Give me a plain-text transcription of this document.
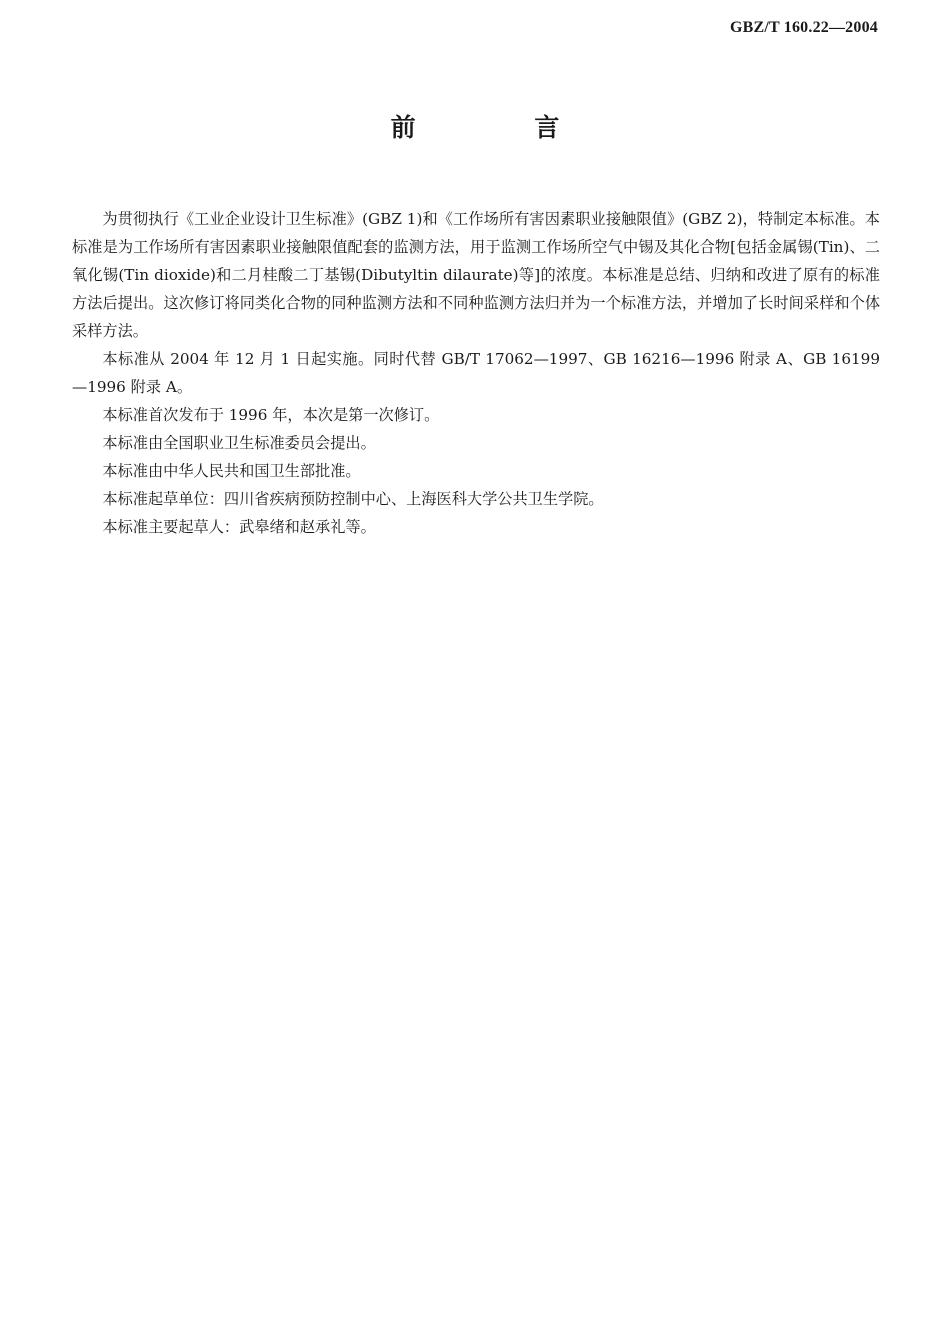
GBZ/T 160.22—2004
前 言

为贯彻执行《工业企业设计卫生标准》(GBZ 1)和《工作场所有害因素职业接触限值》(GBZ 2)，特制定本标准。本标准是为工作场所有害因素职业接触限值配套的监测方法，用于监测工作场所空气中锡及其化合物[包括金属锡(Tin)、二氧化锡(Tin dioxide)和二月桂酸二丁基锡(Dibutyltin dilaurate)等]的浓度。本标准是总结、归纳和改进了原有的标准方法后提出。这次修订将同类化合物的同种监测方法和不同种监测方法归并为一个标准方法，并增加了长时间采样和个体采样方法。

本标准从 2004 年 12 月 1 日起实施。同时代替 GB/T 17062—1997、GB 16216—1996 附录 A、GB 16199—1996 附录 A。

本标准首次发布于 1996 年，本次是第一次修订。

本标准由全国职业卫生标准委员会提出。

本标准由中华人民共和国卫生部批准。

本标准起草单位：四川省疾病预防控制中心、上海医科大学公共卫生学院。

本标准主要起草人：武皋绪和赵承礼等。
